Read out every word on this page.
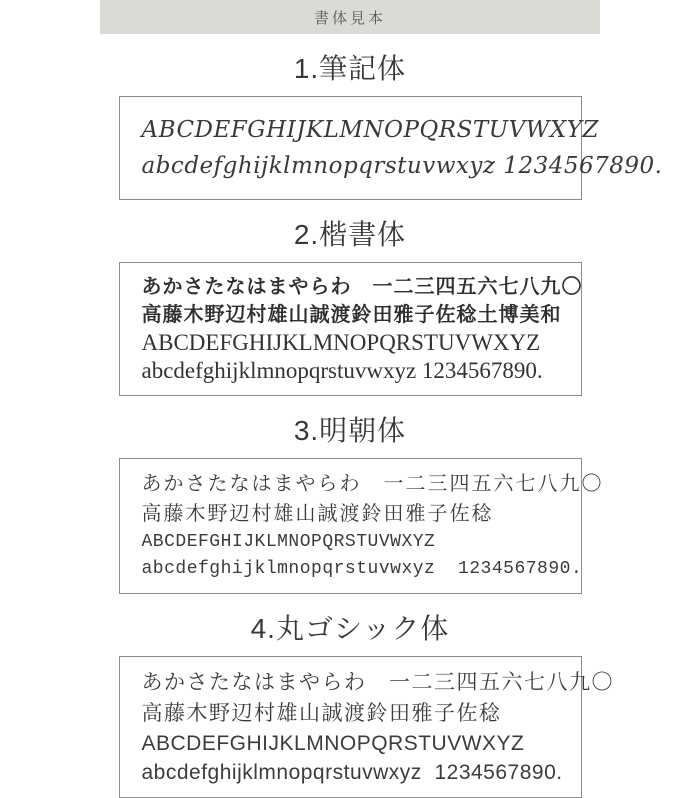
書体見本
1.筆記体

ABCDEFGHIJKLMNOPQRSTUVWXYZ

abcdefghijklmnopqrstuvwxyz 1234567890.

2.楷書体

あかさたなはまやらわ　一二三四五六七八九〇

高藤木野辺村雄山誠渡鈴田雅子佐稔土博美和

ABCDEFGHIJKLMNOPQRSTUVWXYZ

abcdefghijklmnopqrstuvwxyz 1234567890.

3.明朝体

あかさたなはまやらわ　一二三四五六七八九〇

高藤木野辺村雄山誠渡鈴田雅子佐稔

ABCDEFGHIJKLMNOPQRSTUVWXYZ

abcdefghijklmnopqrstuvwxyz  1234567890.

4.丸ゴシック体

あかさたなはまやらわ　一二三四五六七八九〇

高藤木野辺村雄山誠渡鈴田雅子佐稔

ABCDEFGHIJKLMNOPQRSTUVWXYZ

abcdefghijklmnopqrstuvwxyz  1234567890.
